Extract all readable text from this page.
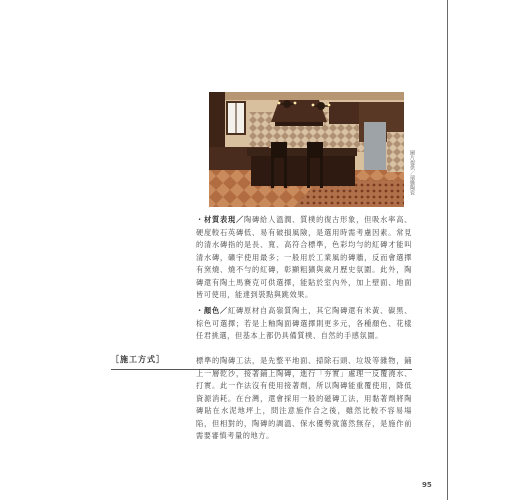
圖片提供／瑞騰陶瓷
・材質表現／陶磚給人溫潤、質樸的復古形象，但吸水率高、硬度較石英磚低、易有破損風險，是選用時需考慮因素。常見的清水磚指的是長、寬、高符合標準，色彩均勻的紅磚才能叫清水磚，礦宇使用最多；一般用於工業風的磚牆，反而會選擇有窯燒、燒不勻的紅磚，彰顯粗獷與歲月歷史氛圍。此外，陶磚還有陶土馬賽克可供選擇，能貼於室內外，加上壁面、地面皆可使用，能達到裝點與跳效果。
・顏色／紅磚原材自高嶺質陶土，其它陶磚還有米黃、碳黑、棕色可選擇；若是上釉陶面磚選擇則更多元，各種顏色、花樣任君挑選，但基本上都仍具備質樸、自然的手感氛圍。
［施工方式］	標準的陶磚工法，是先整平地面、掃除石頭、垃圾等雜物，鋪上一層乾沙，接著鋪上陶磚，進行「夯實」處理一反覆澆水、打實。此一作法沒有使用接著劑，所以陶磚能重覆使用，降低資源消耗。在台灣，還會採用一般的磁磚工法，用黏著劑將陶磚貼在水泥地坪上，問注意施作合之後，雖然比較不容易場陷，但相對的，陶磚的調溫、保水優勢就蕩然無存，是施作前需要審慎考量的地方。
95
